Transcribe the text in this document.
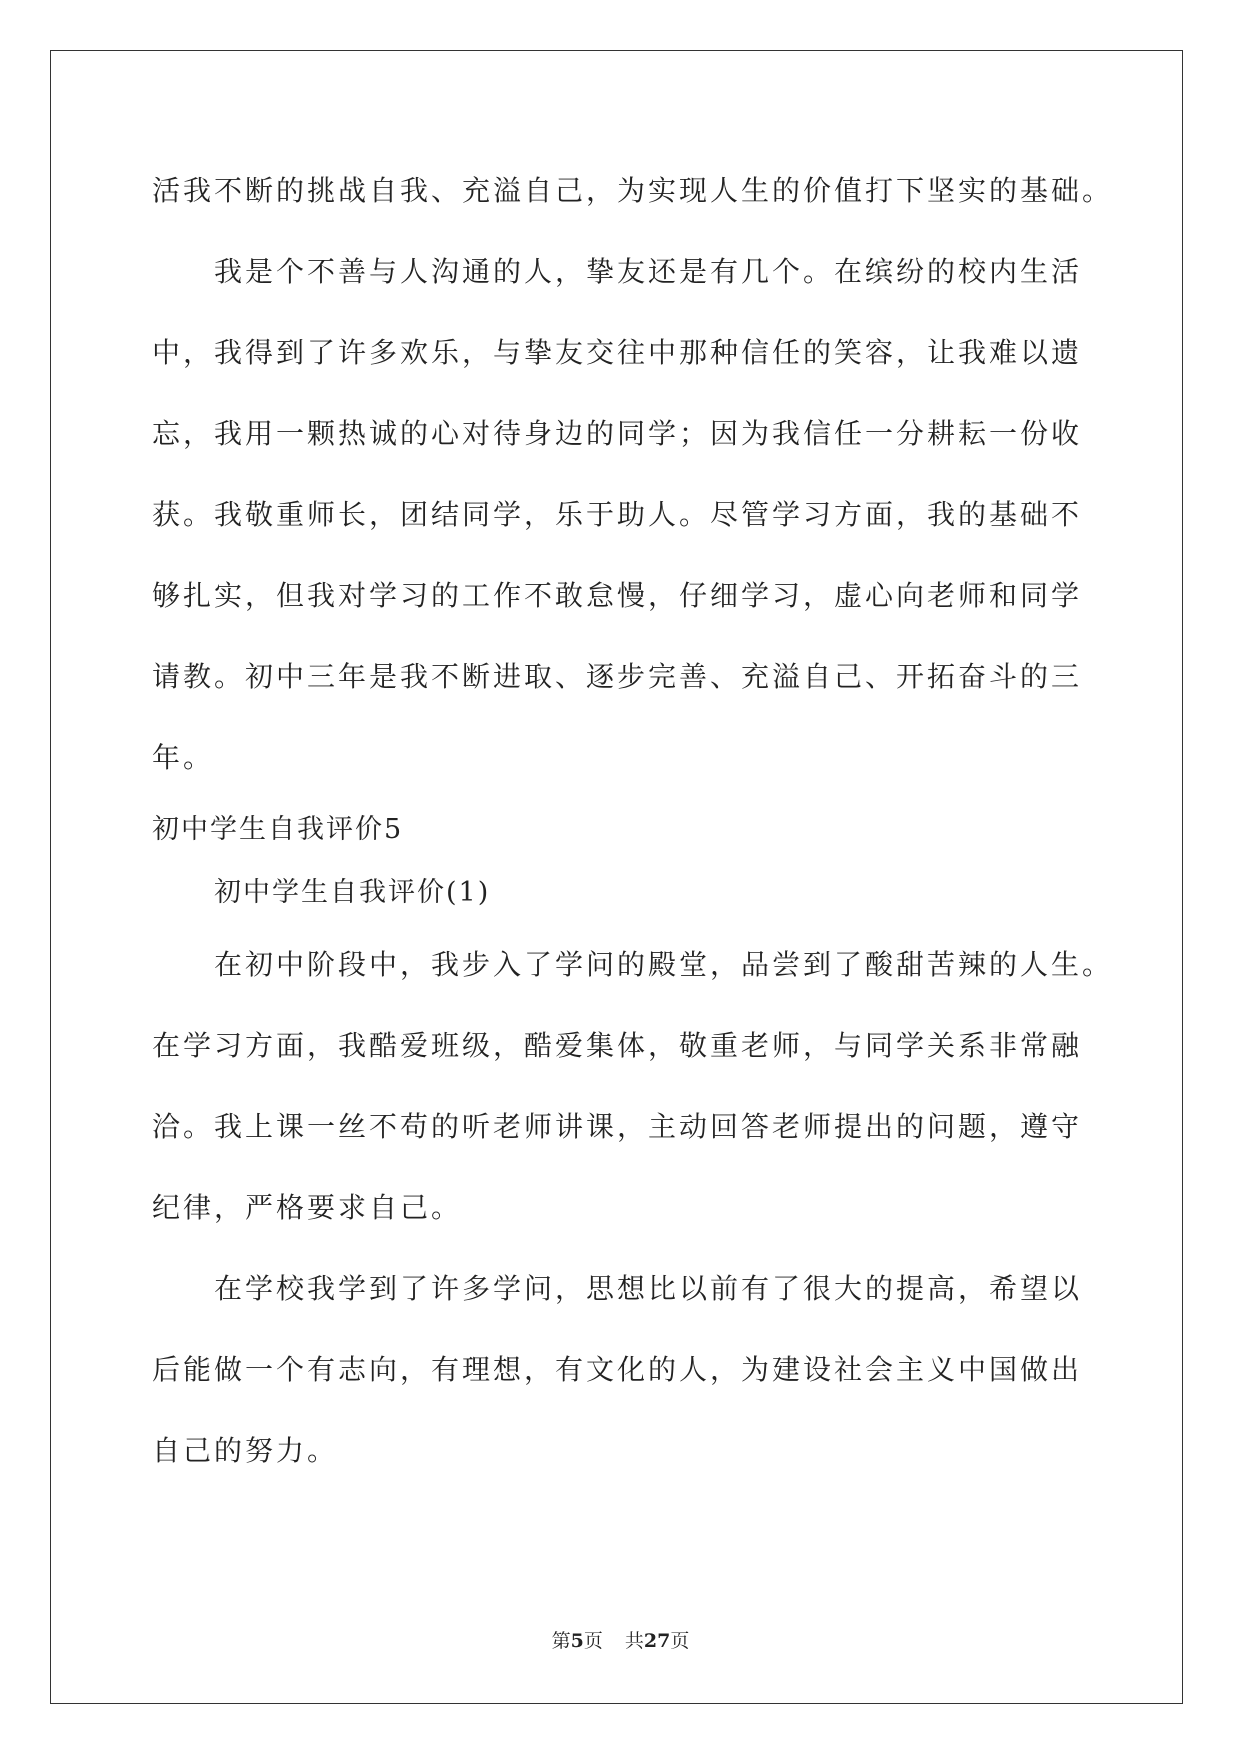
活我不断的挑战自我、充溢自己，为实现人生的价值打下坚实的基础。
我是个不善与人沟通的人，挚友还是有几个。在缤纷的校内生活
中，我得到了许多欢乐，与挚友交往中那种信任的笑容，让我难以遗
忘，我用一颗热诚的心对待身边的同学；因为我信任一分耕耘一份收
获。我敬重师长，团结同学，乐于助人。尽管学习方面，我的基础不
够扎实，但我对学习的工作不敢怠慢，仔细学习，虚心向老师和同学
请教。初中三年是我不断进取、逐步完善、充溢自己、开拓奋斗的三
年。
初中学生自我评价5
初中学生自我评价(1)
在初中阶段中，我步入了学问的殿堂，品尝到了酸甜苦辣的人生。
在学习方面，我酷爱班级，酷爱集体，敬重老师，与同学关系非常融
洽。我上课一丝不苟的听老师讲课，主动回答老师提出的问题，遵守
纪律，严格要求自己。
在学校我学到了许多学问，思想比以前有了很大的提高，希望以
后能做一个有志向，有理想，有文化的人，为建设社会主义中国做出
自己的努力。
第5页 共27页
